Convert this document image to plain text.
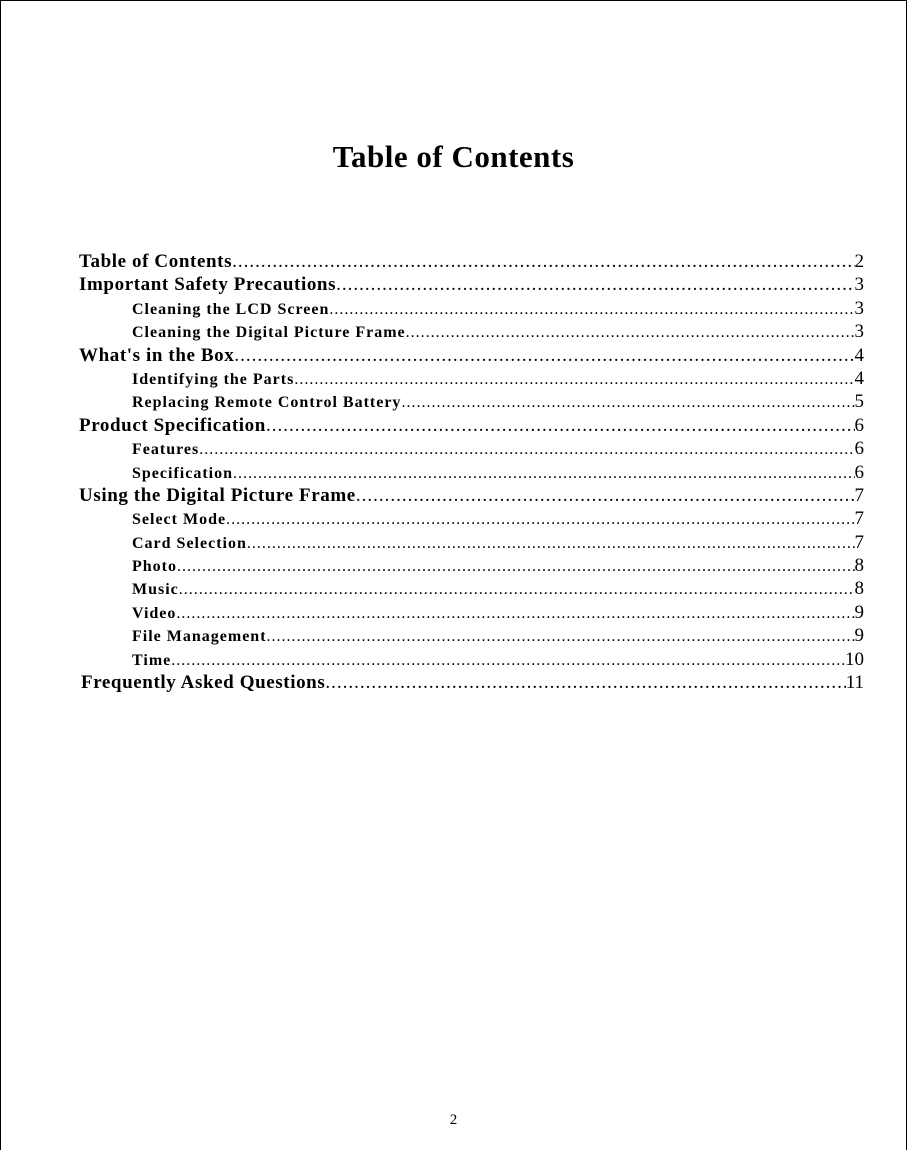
Table of Contents
Table of Contents .....	2
Important Safety Precautions .....	3
Cleaning the LCD Screen .....	3
Cleaning the Digital Picture Frame .....	3
What's in the Box .....	4
Identifying the Parts .....	4
Replacing Remote Control Battery .....	5
Product Specification .....	6
Features .....	6
Specification .....	6
Using the Digital Picture Frame .....	7
Select Mode .....	7
Card Selection .....	7
Photo .....	8
Music .....	8
Video .....	9
File Management .....	9
Time .....	10
Frequently Asked Questions .....	11
2
